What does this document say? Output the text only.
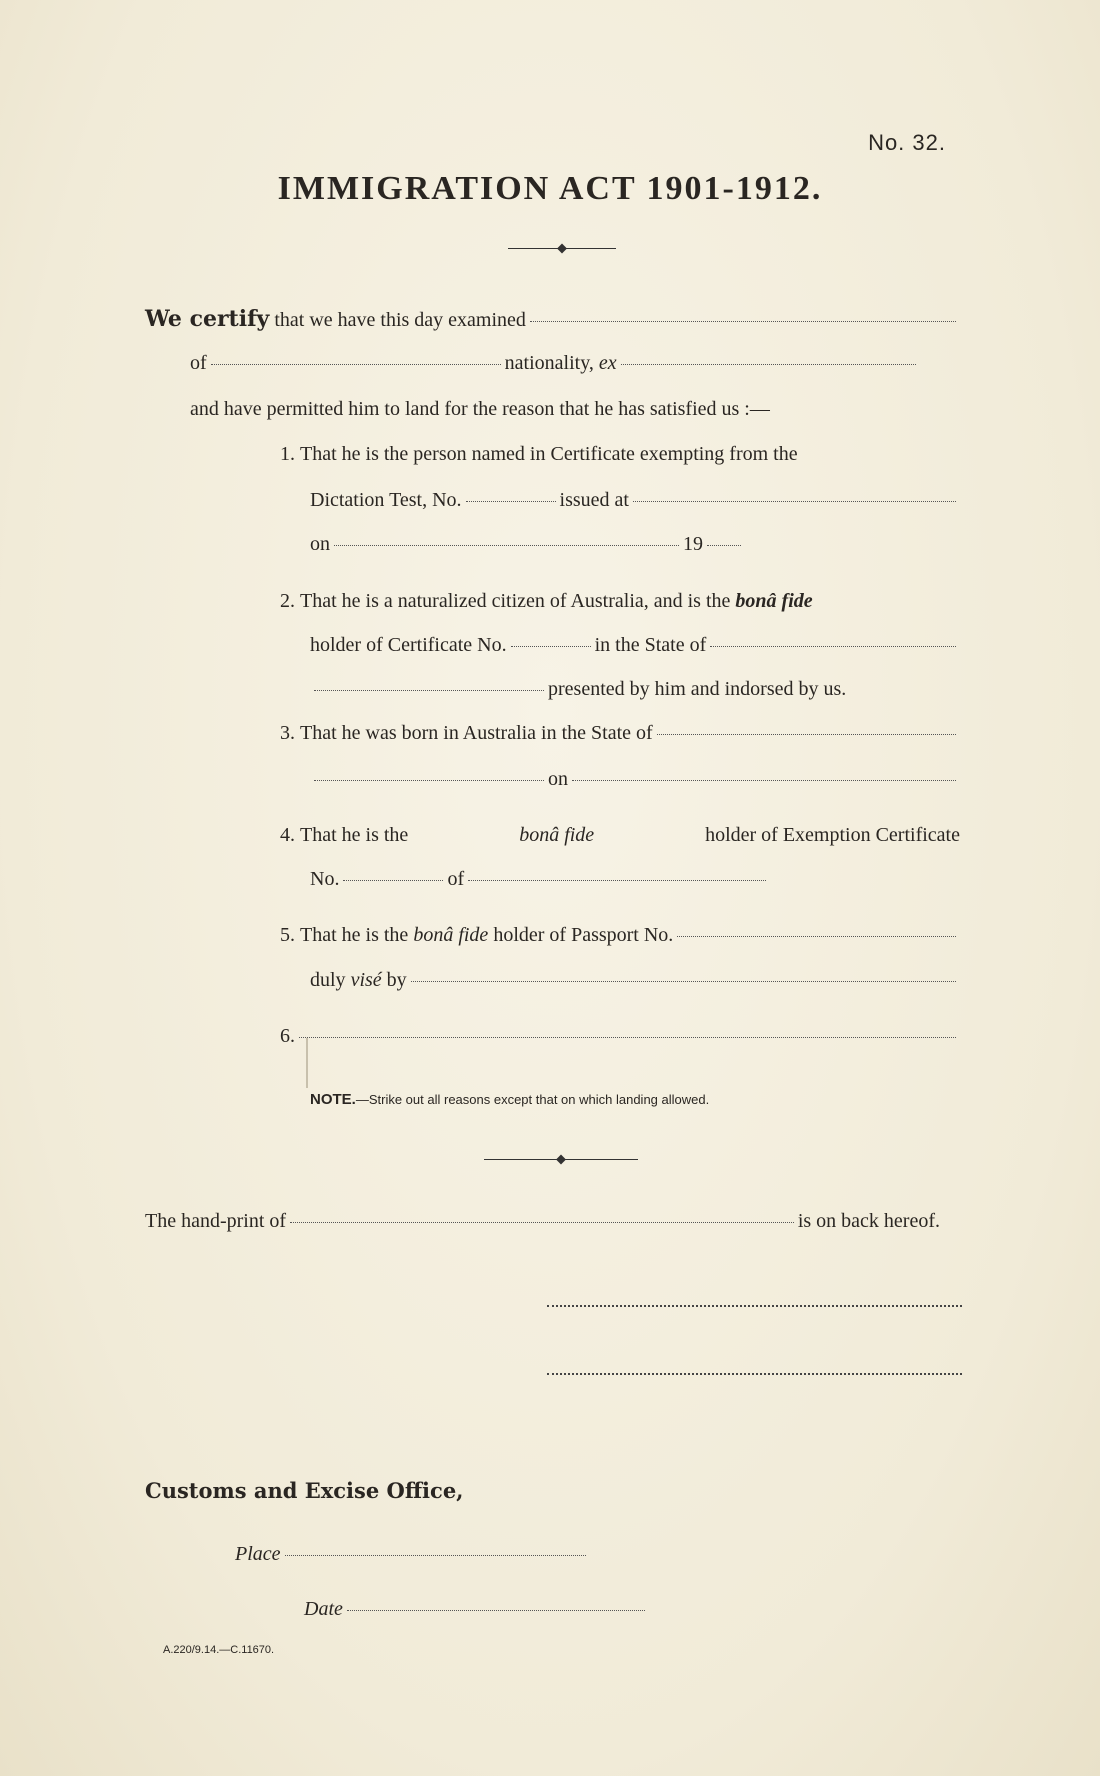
No. 32.
IMMIGRATION ACT 1901-1912.
We certify
that we have this day examined
of	nationality,
ex
and have permitted him to land for the reason that he has satisfied us :—
1.
That he is the person named in Certificate exempting from the
Dictation Test, No.	issued at
on	19
2.
That he is a naturalized citizen of Australia, and is the
bonâ fide
holder of Certificate No.	in the State of
presented by him and indorsed by us.
3.
That he was born in Australia in the State of
on
4. That he is the	bonâ fide	holder of Exemption Certificate
No.	of
5.
That he is the
bonâ fide
holder of Passport No.
duly
visé
by
6.
NOTE.—Strike out all reasons except that on which landing allowed.
The hand-print of	is on back hereof.
Customs and Excise Office,
Place
Date
A.220/9.14.—C.11670.
